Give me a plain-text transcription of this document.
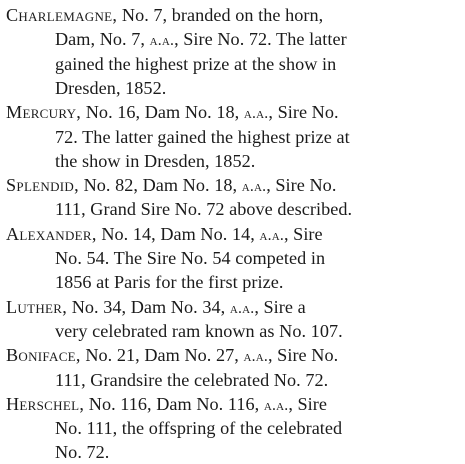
Charlemagne, No. 7, branded on the horn,
Dam, No. 7, a.a., Sire No. 72. The latter
gained the highest prize at the show in
Dresden, 1852.
Mercury, No. 16, Dam No. 18, a.a., Sire No.
72. The latter gained the highest prize at
the show in Dresden, 1852.
Splendid, No. 82, Dam No. 18, a.a., Sire No.
111, Grand Sire No. 72 above described.
Alexander, No. 14, Dam No. 14, a.a., Sire
No. 54. The Sire No. 54 competed in
1856 at Paris for the first prize.
Luther, No. 34, Dam No. 34, a.a., Sire a
very celebrated ram known as No. 107.
Boniface, No. 21, Dam No. 27, a.a., Sire No.
111, Grandsire the celebrated No. 72.
Herschel, No. 116, Dam No. 116, a.a., Sire
No. 111, the offspring of the celebrated
No. 72.
